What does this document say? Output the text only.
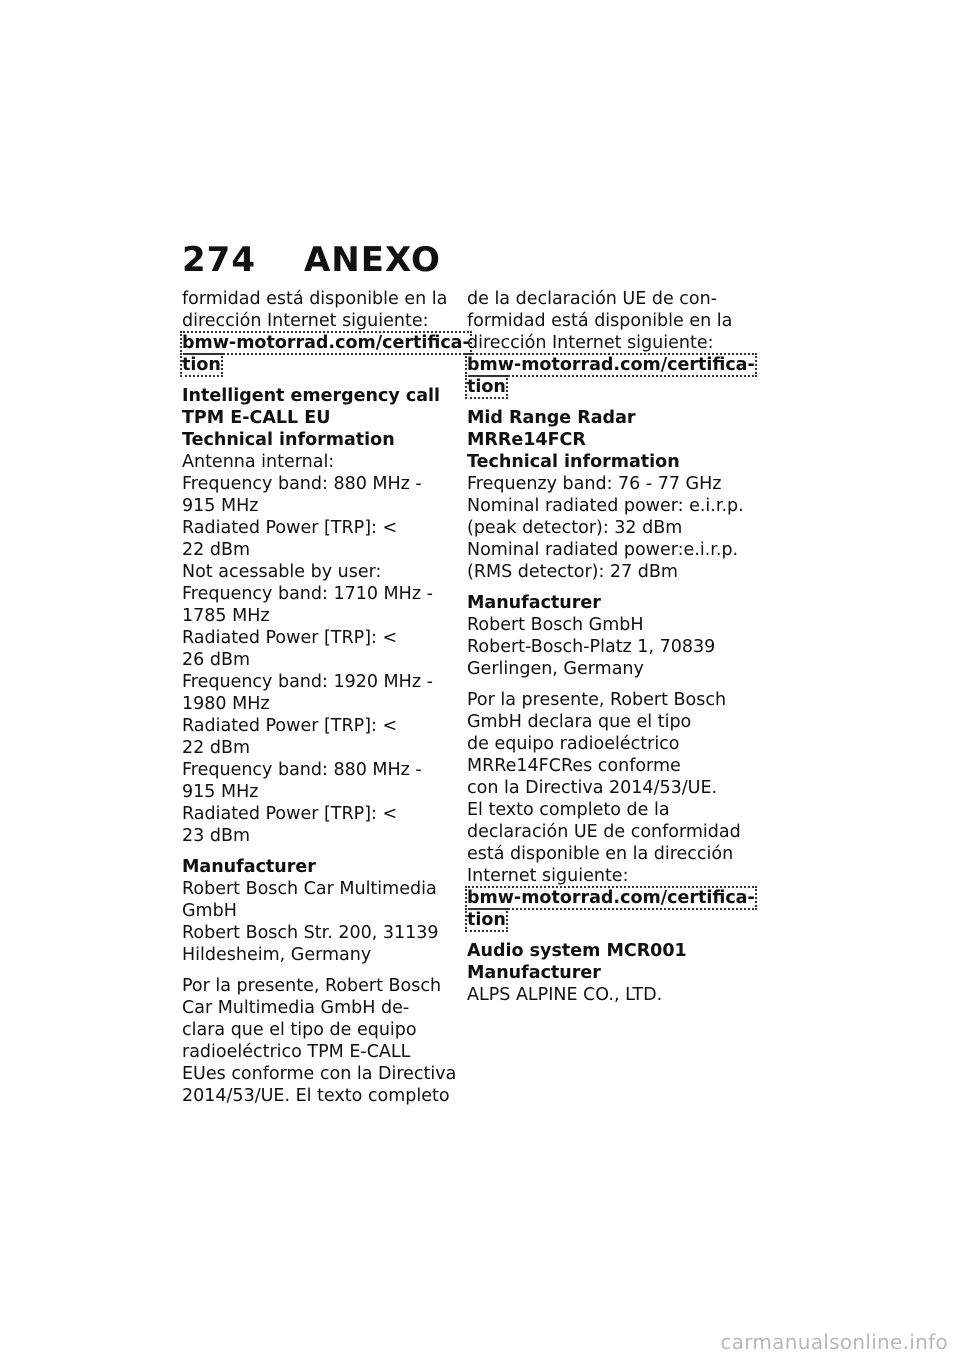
274 ANEXO

formidad está disponible en la

dirección Internet siguiente:

bmw-motorrad.com/certifica-

tion

Intelligent emergency call

TPM E-CALL EU

Technical information

Antenna internal:

Frequency band: 880 MHz -

915 MHz

Radiated Power [TRP]: <

22 dBm

Not acessable by user:

Frequency band: 1710 MHz -

1785 MHz

Radiated Power [TRP]: <

26 dBm

Frequency band: 1920 MHz -

1980 MHz

Radiated Power [TRP]: <

22 dBm

Frequency band: 880 MHz -

915 MHz

Radiated Power [TRP]: <

23 dBm

Manufacturer

Robert Bosch Car Multimedia

GmbH

Robert Bosch Str. 200, 31139

Hildesheim, Germany

Por la presente, Robert Bosch

Car Multimedia GmbH de-

clara que el tipo de equipo

radioeléctrico TPM E-CALL

EUes conforme con la Directiva

2014/53/UE. El texto completo

de la declaración UE de con-

formidad está disponible en la

dirección Internet siguiente:

bmw-motorrad.com/certifica-

tion

Mid Range Radar

MRRe14FCR

Technical information

Frequenzy band: 76 - 77 GHz

Nominal radiated power: e.i.r.p.

(peak detector): 32 dBm

Nominal radiated power:e.i.r.p.

(RMS detector): 27 dBm

Manufacturer

Robert Bosch GmbH

Robert-Bosch-Platz 1, 70839

Gerlingen, Germany

Por la presente, Robert Bosch

GmbH declara que el tipo

de equipo radioeléctrico

MRRe14FCRes conforme

con la Directiva 2014/53/UE.

El texto completo de la

declaración UE de conformidad

está disponible en la dirección

Internet siguiente:

bmw-motorrad.com/certifica-

tion

Audio system MCR001

Manufacturer

ALPS ALPINE CO., LTD.

carmanualsonline.info
